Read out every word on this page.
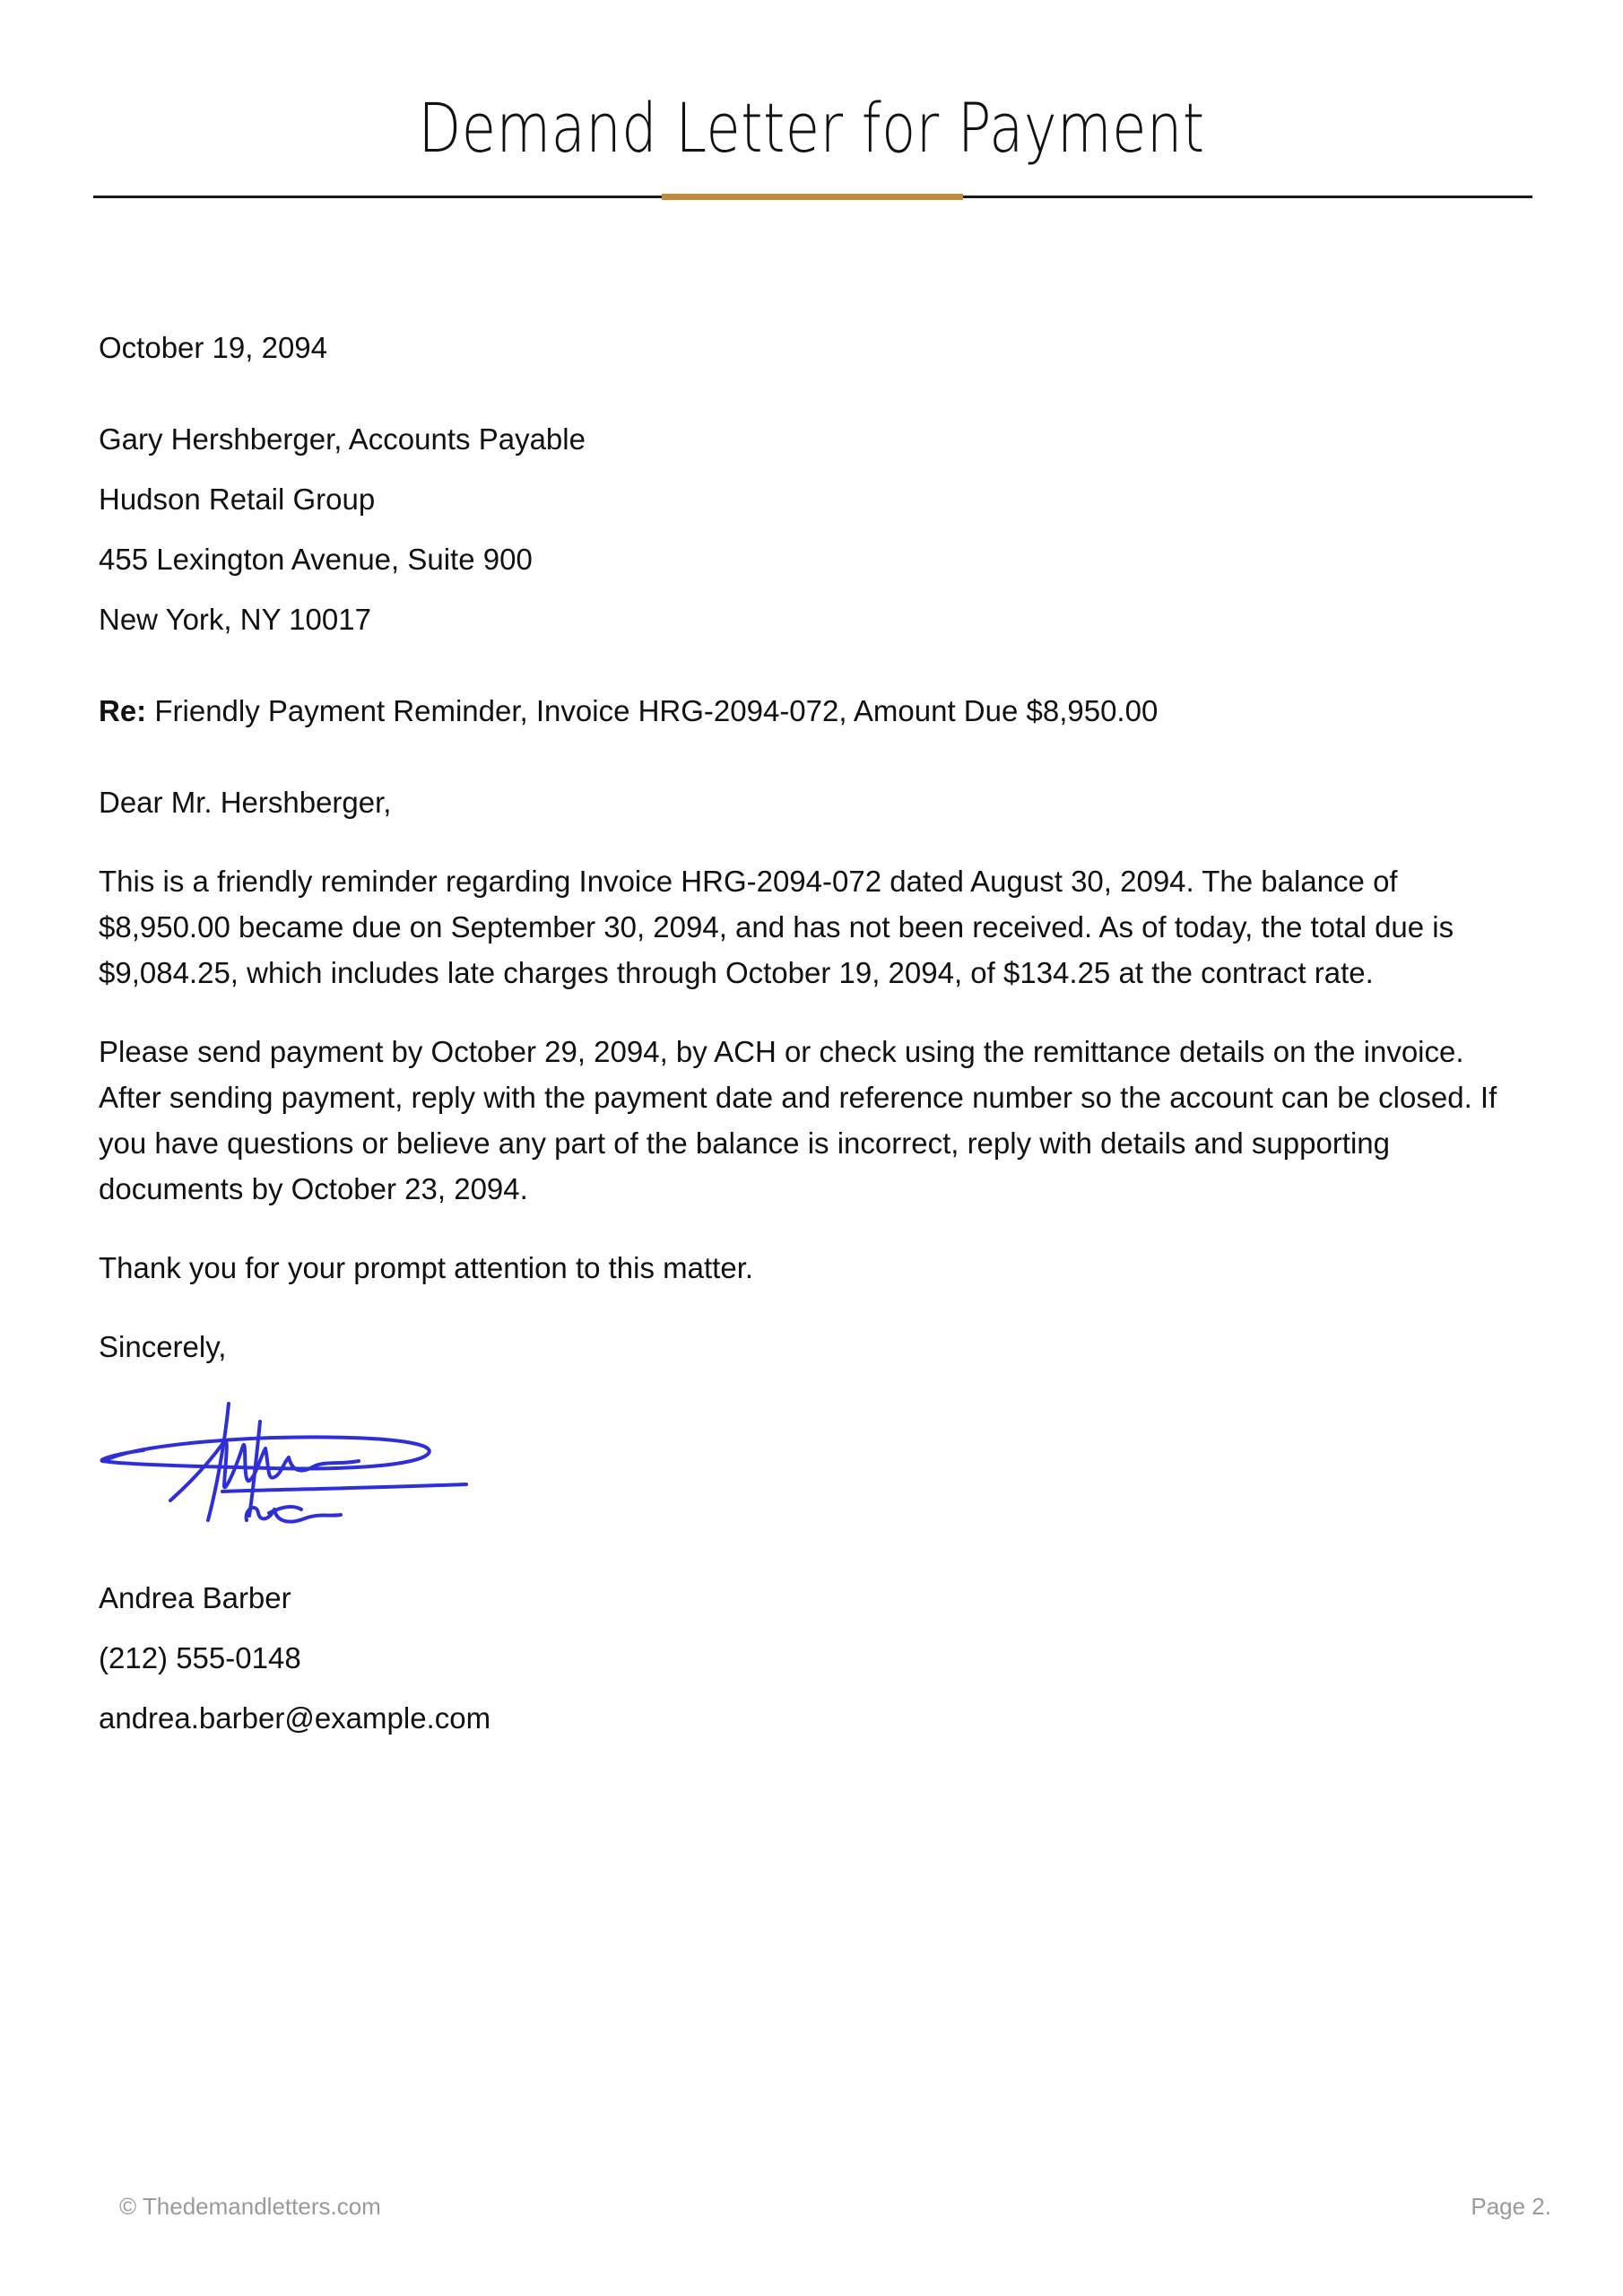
Demand Letter for Payment
October 19, 2094
Gary Hershberger, Accounts Payable
Hudson Retail Group
455 Lexington Avenue, Suite 900
New York, NY 10017
Re: Friendly Payment Reminder, Invoice HRG-2094-072, Amount Due $8,950.00
Dear Mr. Hershberger,
This is a friendly reminder regarding Invoice HRG-2094-072 dated August 30, 2094. The balance of
$8,950.00 became due on September 30, 2094, and has not been received. As of today, the total due is
$9,084.25, which includes late charges through October 19, 2094, of $134.25 at the contract rate.
Please send payment by October 29, 2094, by ACH or check using the remittance details on the invoice.
After sending payment, reply with the payment date and reference number so the account can be closed. If
you have questions or believe any part of the balance is incorrect, reply with details and supporting
documents by October 23, 2094.
Thank you for your prompt attention to this matter.
Sincerely,
Andrea Barber
(212) 555-0148
andrea.barber@example.com
© Thedemandletters.com	Page 2.
